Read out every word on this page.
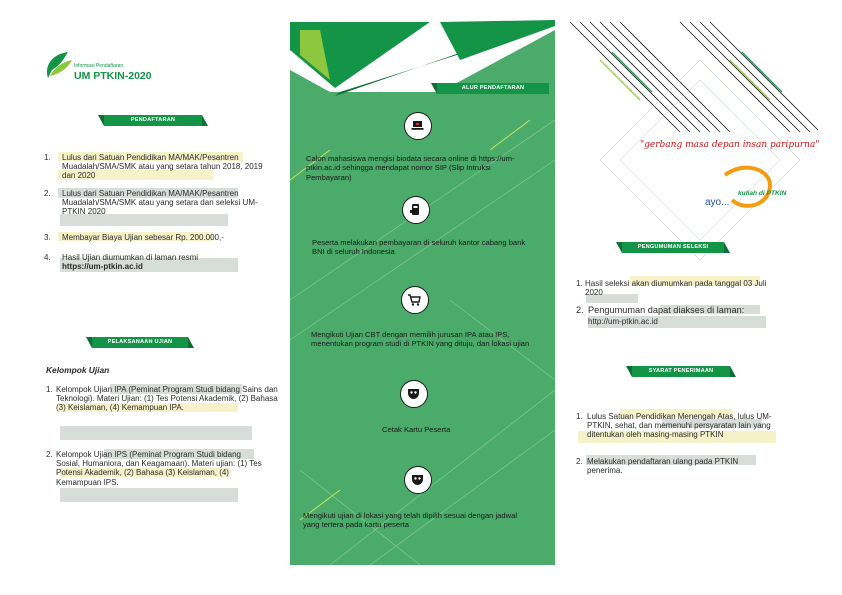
Informasi Pendaftaran
UM PTKIN-2020
PENDAFTARAN
1.	Lulus dari Satuan Pendidikan MA/MAK/Pesantren Muadalah/SMA/SMK atau yang setara tahun 2018, 2019 dan 2020
2.	Lulus dari Satuan Pendidikan MA/MAK/Pesantren Muadalah/SMA/SMK atau yang setara dan seleksi UM-PTKIN 2020
3.	Membayar Biaya Ujian sebesar Rp. 200.000,-
4.	Hasil Ujian diumumkan di laman resmi
https://um-ptkin.ac.id
PELAKSANAAN UJIAN
Kelompok Ujian
1. Kelompok Ujian IPA (Peminat Program Studi bidang Sains dan Teknologi). Materi Ujian: (1) Tes Potensi Akademik, (2) Bahasa (3) Keislaman, (4) Kemampuan IPA.
2. Kelompok Ujian IPS (Peminat Program Studi bidang Sosial, Humaniora, dan Keagamaan). Materi ujian: (1) Tes Potensi Akademik, (2) Bahasa (3) Keislaman, (4) Kemampuan IPS.
ALUR PENDAFTARAN
Calon mahasiswa mengisi biodata secara online di https://um-ptkin.ac.id sehingga mendapat nomor SIP (Slip Intruksi Pembayaran)
Peserta melakukan pembayaran di seluruh kantor cabang bank BNI di seluruh Indonesia
Mengikuti Ujian CBT dengan memilih jurusan IPA atau IPS, menentukan program studi di PTKIN yang dituju, dan lokasi ujian
Cetak Kartu Peserta
Mengikuti ujian di lokasi yang telah dipilih sesuai dengan jadwal yang tertera pada kartu peserta
"gerbang masa depan insan paripurna"
ayo...
kuliah di PTKIN
PENGUMUMAN SELEKSI
1. Hasil seleksi akan diumumkan pada tanggal 03 Juli 2020
2. Pengumuman dapat diakses di laman:
http://um-ptkin.ac.id
SYARAT PENERIMAAN
1. Lulus Satuan Pendidikan Menengah Atas, lulus UM-PTKIN, sehat, dan memenuhi persyaratan lain yang ditentukan oleh masing-masing PTKIN
2. Melakukan pendaftaran ulang pada PTKIN penerima.
